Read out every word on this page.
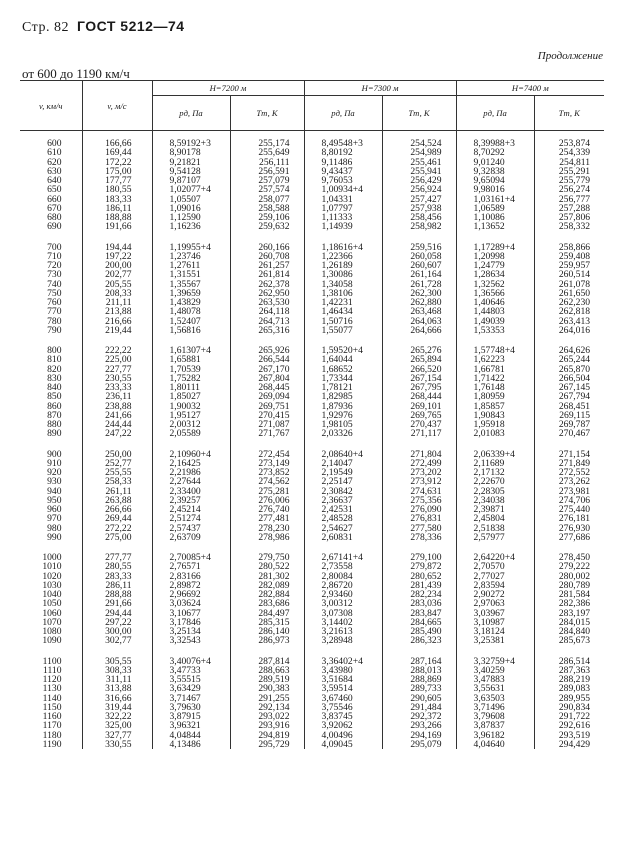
Стр. 82 ГОСТ 5212—74
Продолжение
от 600 до 1190 км/ч
v, км/ч	v, м/с	H=7200 м		H=7300 м		H=7400 м	
		pд, Па	Tт, К	pд, Па	Tт, К	pд, Па	Tт, К

600	166,66	8,59192+3	255,174	8,49548+3	254,524	8,39988+3	253,874
610	169,44	8,90178	255,649	8,80192	254,989	8,70292	254,339
620	172,22	9,21821	256,111	9,11486	255,461	9,01240	254,811
630	175,00	9,54128	256,591	9,43437	255,941	9,32838	255,291
640	177,77	9,87107	257,079	9,76053	256,429	9,65094	255,779
650	180,55	1,02077+4	257,574	1,00934+4	256,924	9,98016	256,274
660	183,33	1,05507	258,077	1,04331	257,427	1,03161+4	256,777
670	186,11	1,09016	258,588	1,07797	257,938	1,06589	257,288
680	188,88	1,12590	259,106	1,11333	258,456	1,10086	257,806
690	191,66	1,16236	259,632	1,14939	258,982	1,13652	258,332
700	194,44	1,19955+4	260,166	1,18616+4	259,516	1,17289+4	258,866
710	197,22	1,23746	260,708	1,22366	260,058	1,20998	259,408
720	200,00	1,27611	261,257	1,26189	260,607	1,24779	259,957
730	202,77	1,31551	261,814	1,30086	261,164	1,28634	260,514
740	205,55	1,35567	262,378	1,34058	261,728	1,32562	261,078
750	208,33	1,39659	262,950	1,38106	262,300	1,36566	261,650
760	211,11	1,43829	263,530	1,42231	262,880	1,40646	262,230
770	213,88	1,48078	264,118	1,46434	263,468	1,44803	262,818
780	216,66	1,52407	264,713	1,50716	264,063	1,49039	263,413
790	219,44	1,56816	265,316	1,55077	264,666	1,53353	264,016
800	222,22	1,61307+4	265,926	1,59520+4	265,276	1,57748+4	264,626
810	225,00	1,65881	266,544	1,64044	265,894	1,62223	265,244
820	227,77	1,70539	267,170	1,68652	266,520	1,66781	265,870
830	230,55	1,75282	267,804	1,73344	267,154	1,71422	266,504
840	233,33	1,80111	268,445	1,78121	267,795	1,76148	267,145
850	236,11	1,85027	269,094	1,82985	268,444	1,80959	267,794
860	238,88	1,90032	269,751	1,87936	269,101	1,85857	268,451
870	241,66	1,95127	270,415	1,92976	269,765	1,90843	269,115
880	244,44	2,00312	271,087	1,98105	270,437	1,95918	269,787
890	247,22	2,05589	271,767	2,03326	271,117	2,01083	270,467
900	250,00	2,10960+4	272,454	2,08640+4	271,804	2,06339+4	271,154
910	252,77	2,16425	273,149	2,14047	272,499	2,11689	271,849
920	255,55	2,21986	273,852	2,19549	273,202	2,17132	272,552
930	258,33	2,27644	274,562	2,25147	273,912	2,22670	273,262
940	261,11	2,33400	275,281	2,30842	274,631	2,28305	273,981
950	263,88	2,39257	276,006	2,36637	275,356	2,34038	274,706
960	266,66	2,45214	276,740	2,42531	276,090	2,39871	275,440
970	269,44	2,51274	277,481	2,48528	276,831	2,45804	276,181
980	272,22	2,57437	278,230	2,54627	277,580	2,51838	276,930
990	275,00	2,63709	278,986	2,60831	278,336	2,57977	277,686
1000	277,77	2,70085+4	279,750	2,67141+4	279,100	2,64220+4	278,450
1010	280,55	2,76571	280,522	2,73558	279,872	2,70570	279,222
1020	283,33	2,83166	281,302	2,80084	280,652	2,77027	280,002
1030	286,11	2,89872	282,089	2,86720	281,439	2,83594	280,789
1040	288,88	2,96692	282,884	2,93460	282,234	2,90272	281,584
1050	291,66	3,03624	283,686	3,00312	283,036	2,97063	282,386
1060	294,44	3,10677	284,497	3,07308	283,847	3,03967	283,197
1070	297,22	3,17846	285,315	3,14402	284,665	3,10987	284,015
1080	300,00	3,25134	286,140	3,21613	285,490	3,18124	284,840
1090	302,77	3,32543	286,973	3,28948	286,323	3,25381	285,673
1100	305,55	3,40076+4	287,814	3,36402+4	287,164	3,32759+4	286,514
1110	308,33	3,47733	288,663	3,43980	288,013	3,40259	287,363
1120	311,11	3,55515	289,519	3,51684	288,869	3,47883	288,219
1130	313,88	3,63429	290,383	3,59514	289,733	3,55631	289,083
1140	316,66	3,71467	291,255	3,67460	290,605	3,63503	289,955
1150	319,44	3,79630	292,134	3,75546	291,484	3,71496	290,834
1160	322,22	3,87915	293,022	3,83745	292,372	3,79608	291,722
1170	325,00	3,96321	293,916	3,92062	293,266	3,87837	292,616
1180	327,77	4,04844	294,819	4,00496	294,169	3,96182	293,519
1190	330,55	4,13486	295,729	4,09045	295,079	4,04640	294,429
